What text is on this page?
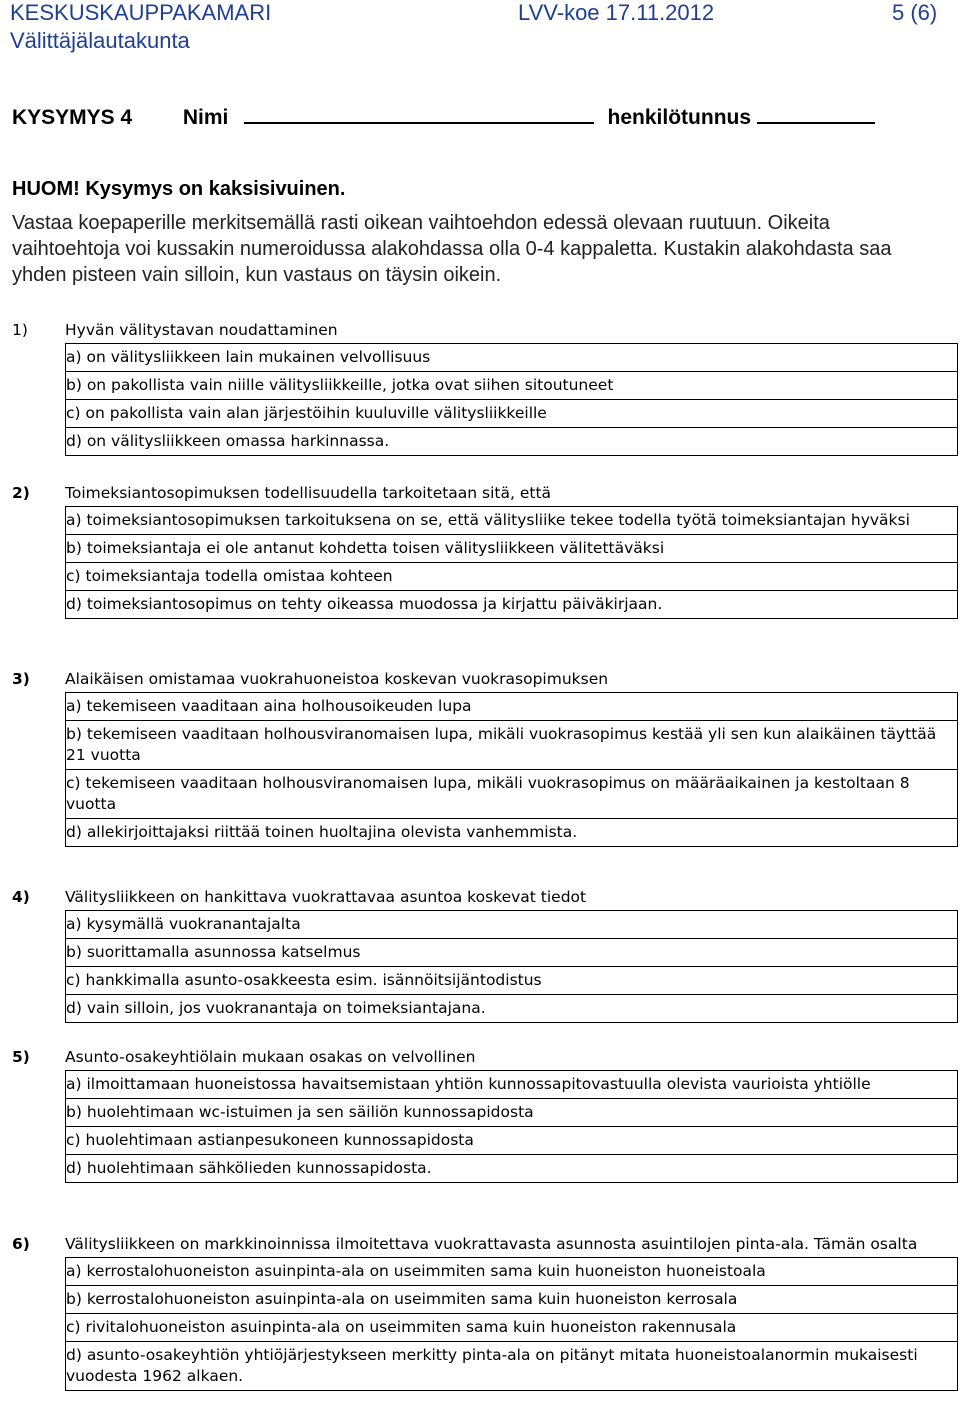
KESKUSKAUPPAKAMARI	LVV-koe 17.11.2012	5 (6)
Välittäjälautakunta
KYSYMYS 4 Nimi	henkilötunnus
HUOM! Kysymys on kaksisivuinen.
Vastaa koepaperille merkitsemällä rasti oikean vaihtoehdon edessä olevaan ruutuun. Oikeita vaihtoehtoja voi kussakin numeroidussa alakohdassa olla 0-4 kappaletta. Kustakin alakohdasta saa yhden pisteen vain silloin, kun vastaus on täysin oikein.
1)	Hyvän välitystavan noudattaminen
a) on välitysliikkeen lain mukainen velvollisuus
b) on pakollista vain niille välitysliikkeille, jotka ovat siihen sitoutuneet
c) on pakollista vain alan järjestöihin kuuluville välitysliikkeille
d) on välitysliikkeen omassa harkinnassa.
2)	Toimeksiantosopimuksen todellisuudella tarkoitetaan sitä, että
a) toimeksiantosopimuksen tarkoituksena on se, että välitysliike tekee todella työtä toimeksiantajan hyväksi
b) toimeksiantaja ei ole antanut kohdetta toisen välitysliikkeen välitettäväksi
c) toimeksiantaja todella omistaa kohteen
d) toimeksiantosopimus on tehty oikeassa muodossa ja kirjattu päiväkirjaan.
3)	Alaikäisen omistamaa vuokrahuoneistoa koskevan vuokrasopimuksen
a) tekemiseen vaaditaan aina holhousoikeuden lupa
b) tekemiseen vaaditaan holhousviranomaisen lupa, mikäli vuokrasopimus kestää yli sen kun alaikäinen täyttää 21 vuotta
c) tekemiseen vaaditaan holhousviranomaisen lupa, mikäli vuokrasopimus on määräaikainen ja kestoltaan 8 vuotta
d) allekirjoittajaksi riittää toinen huoltajina olevista vanhemmista.
4)	Välitysliikkeen on hankittava vuokrattavaa asuntoa koskevat tiedot
a) kysymällä vuokranantajalta
b) suorittamalla asunnossa katselmus
c) hankkimalla asunto-osakkeesta esim. isännöitsijäntodistus
d) vain silloin, jos vuokranantaja on toimeksiantajana.
5)	Asunto-osakeyhtiölain mukaan osakas on velvollinen
a) ilmoittamaan huoneistossa havaitsemistaan yhtiön kunnossapitovastuulla olevista vaurioista yhtiölle
b) huolehtimaan wc-istuimen ja sen säiliön kunnossapidosta
c) huolehtimaan astianpesukoneen kunnossapidosta
d) huolehtimaan sähkölieden kunnossapidosta.
6)	Välitysliikkeen on markkinoinnissa ilmoitettava vuokrattavasta asunnosta asuintilojen pinta-ala. Tämän osalta
a) kerrostalohuoneiston asuinpinta-ala on useimmiten sama kuin huoneiston huoneistoala
b) kerrostalohuoneiston asuinpinta-ala on useimmiten sama kuin huoneiston kerrosala
c) rivitalohuoneiston asuinpinta-ala on useimmiten sama kuin huoneiston rakennusala
d) asunto-osakeyhtiön yhtiöjärjestykseen merkitty pinta-ala on pitänyt mitata huoneistoalanormin mukaisesti vuodesta 1962 alkaen.
